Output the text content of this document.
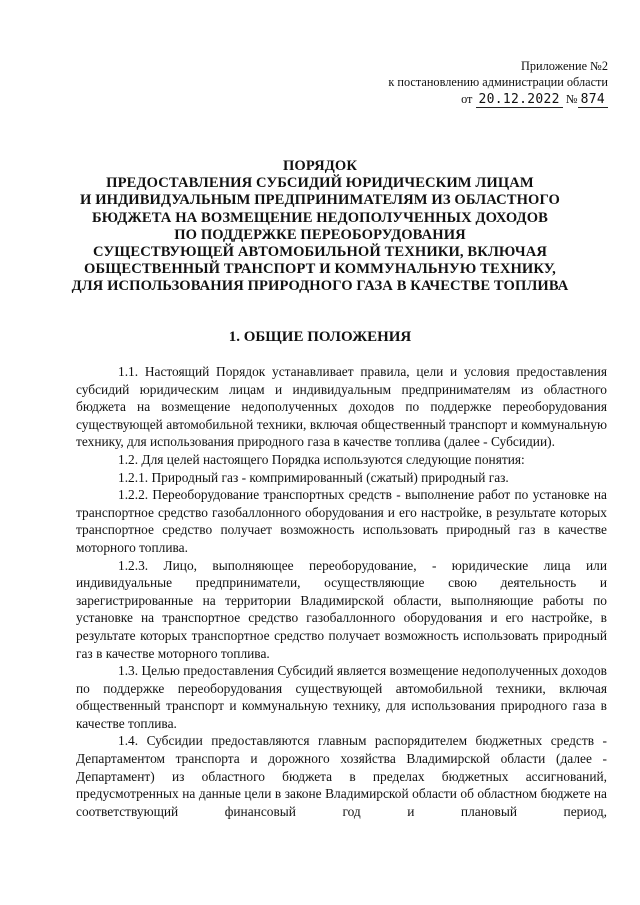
Приложение №2
к постановлению администрации области
от 20.12.2022 № 874
ПОРЯДОК
ПРЕДОСТАВЛЕНИЯ СУБСИДИЙ ЮРИДИЧЕСКИМ ЛИЦАМ
И ИНДИВИДУАЛЬНЫМ ПРЕДПРИНИМАТЕЛЯМ ИЗ ОБЛАСТНОГО
БЮДЖЕТА НА ВОЗМЕЩЕНИЕ НЕДОПОЛУЧЕННЫХ ДОХОДОВ
ПО ПОДДЕРЖКЕ ПЕРЕОБОРУДОВАНИЯ
СУЩЕСТВУЮЩЕЙ АВТОМОБИЛЬНОЙ ТЕХНИКИ, ВКЛЮЧАЯ
ОБЩЕСТВЕННЫЙ ТРАНСПОРТ И КОММУНАЛЬНУЮ ТЕХНИКУ,
ДЛЯ ИСПОЛЬЗОВАНИЯ ПРИРОДНОГО ГАЗА В КАЧЕСТВЕ ТОПЛИВА
1. ОБЩИЕ ПОЛОЖЕНИЯ

1.1. Настоящий Порядок устанавливает правила, цели и условия предоставления субсидий юридическим лицам и индивидуальным предпринимателям из областного бюджета на возмещение недополученных доходов по поддержке переоборудования существующей автомобильной техники, включая общественный транспорт и коммунальную технику, для использования природного газа в качестве топлива (далее - Субсидии).

1.2. Для целей настоящего Порядка используются следующие понятия:

1.2.1. Природный газ - компримированный (сжатый) природный газ.

1.2.2. Переоборудование транспортных средств - выполнение работ по установке на транспортное средство газобаллонного оборудования и его настройке, в результате которых транспортное средство получает возможность использовать природный газ в качестве моторного топлива.

1.2.3. Лицо, выполняющее переоборудование, - юридические лица или индивидуальные предприниматели, осуществляющие свою деятельность и зарегистрированные на территории Владимирской области, выполняющие работы по установке на транспортное средство газобаллонного оборудования и его настройке, в результате которых транспортное средство получает возможность использовать природный газ в качестве моторного топлива.

1.3. Целью предоставления Субсидий является возмещение недополученных доходов по поддержке переоборудования существующей автомобильной техники, включая общественный транспорт и коммунальную технику, для использования природного газа в качестве топлива.

1.4. Субсидии предоставляются главным распорядителем бюджетных средств - Департаментом транспорта и дорожного хозяйства Владимирской области (далее - Департамент) из областного бюджета в пределах бюджетных ассигнований, предусмотренных на данные цели в законе Владимирской области об областном бюджете на соответствующий финансовый год и плановый период,
